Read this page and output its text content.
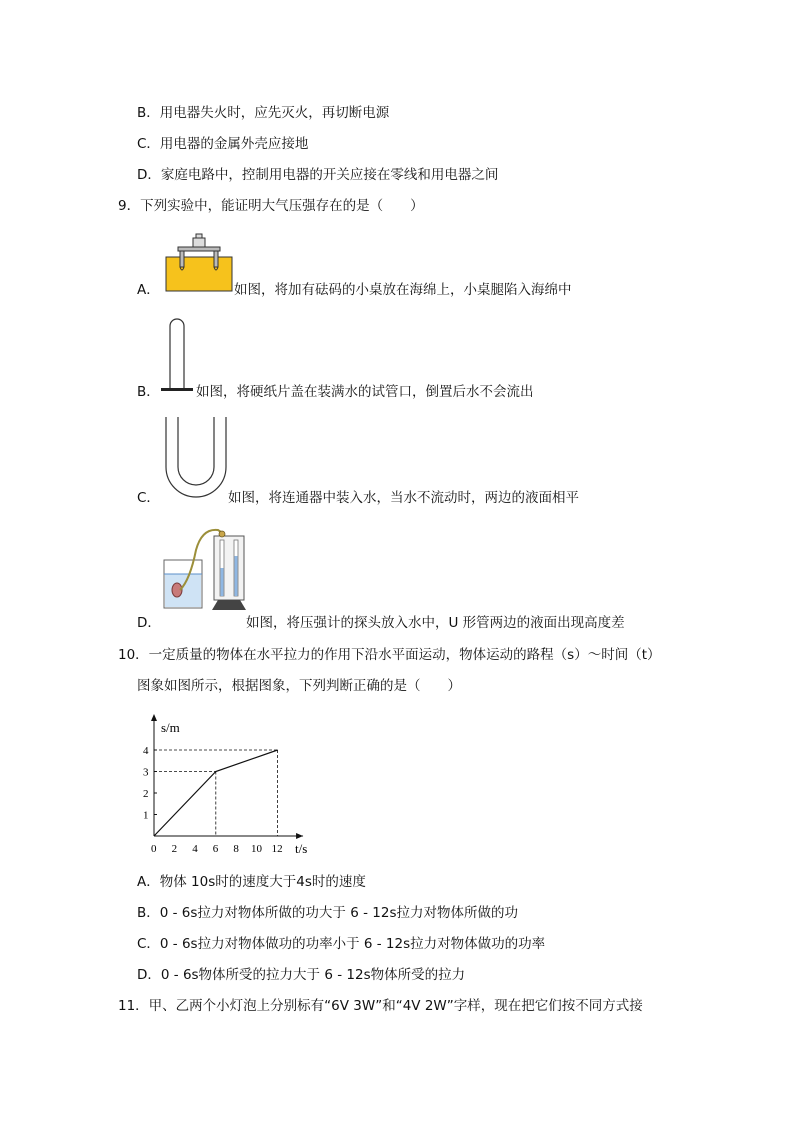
B．用电器失火时，应先灭火，再切断电源
C．用电器的金属外壳应接地
D．家庭电路中，控制用电器的开关应接在零线和用电器之间
9．下列实验中，能证明大气压强存在的是（　　）
A．	如图，将加有砝码的小桌放在海绵上，小桌腿陷入海绵中
B．	如图，将硬纸片盖在装满水的试管口，倒置后水不会流出
C．	如图，将连通器中装入水，当水不流动时，两边的液面相平
D．	如图，将压强计的探头放入水中，U 形管两边的液面出现高度差
10．一定质量的物体在水平拉力的作用下沿水平面运动，物体运动的路程（s）～时间（t）
图象如图所示，根据图象，下列判断正确的是（　　）
0 2 4 6 8 10 12
1
2
3
4
s/m
t/s
A．物体 10s时的速度大于4s时的速度
B．0 - 6s拉力对物体所做的功大于 6 - 12s拉力对物体所做的功
C．0 - 6s拉力对物体做功的功率小于 6 - 12s拉力对物体做功的功率
D．0 - 6s物体所受的拉力大于 6 - 12s物体所受的拉力
11．甲、乙两个小灯泡上分别标有“6V 3W”和“4V 2W”字样，现在把它们按不同方式接
